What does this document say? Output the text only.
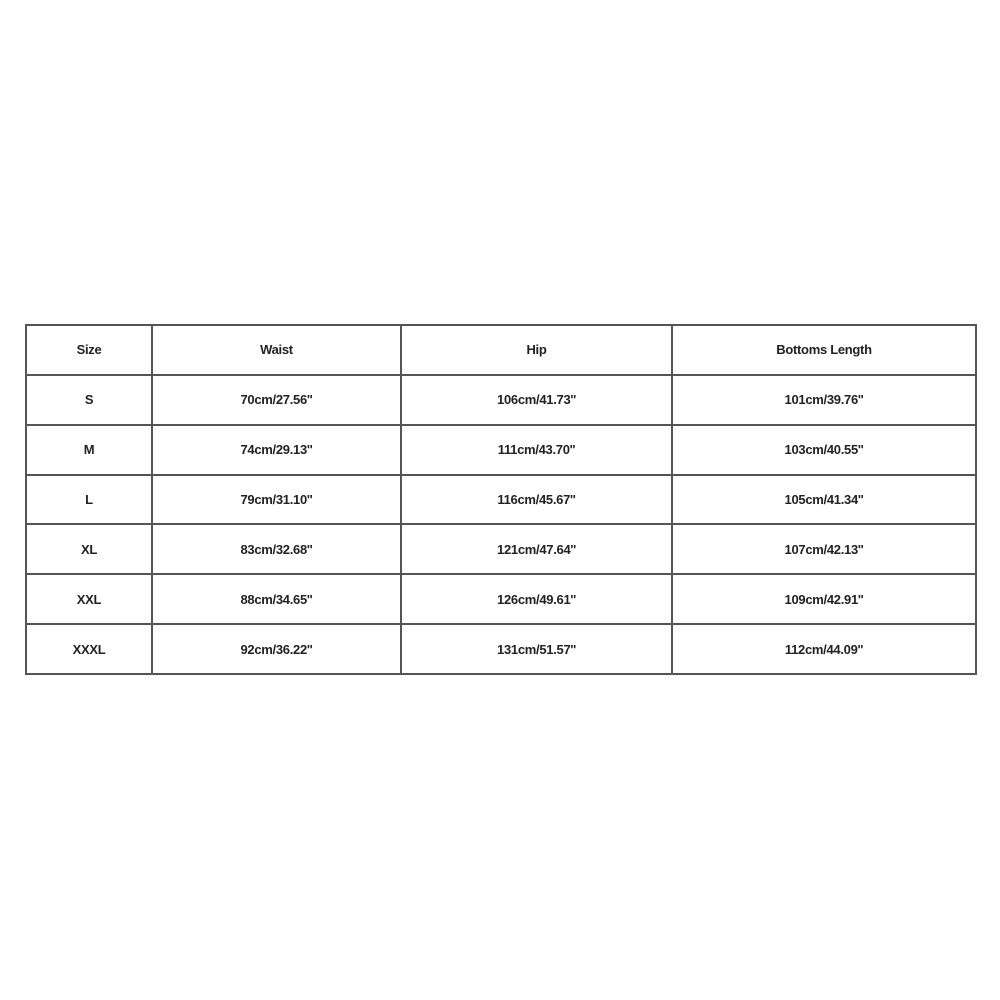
Size	Waist	Hip	Bottoms Length
S	70cm/27.56''	106cm/41.73''	101cm/39.76''
M	74cm/29.13''	111cm/43.70''	103cm/40.55''
L	79cm/31.10''	116cm/45.67''	105cm/41.34''
XL	83cm/32.68''	121cm/47.64''	107cm/42.13''
XXL	88cm/34.65''	126cm/49.61''	109cm/42.91''
XXXL	92cm/36.22''	131cm/51.57''	112cm/44.09''
